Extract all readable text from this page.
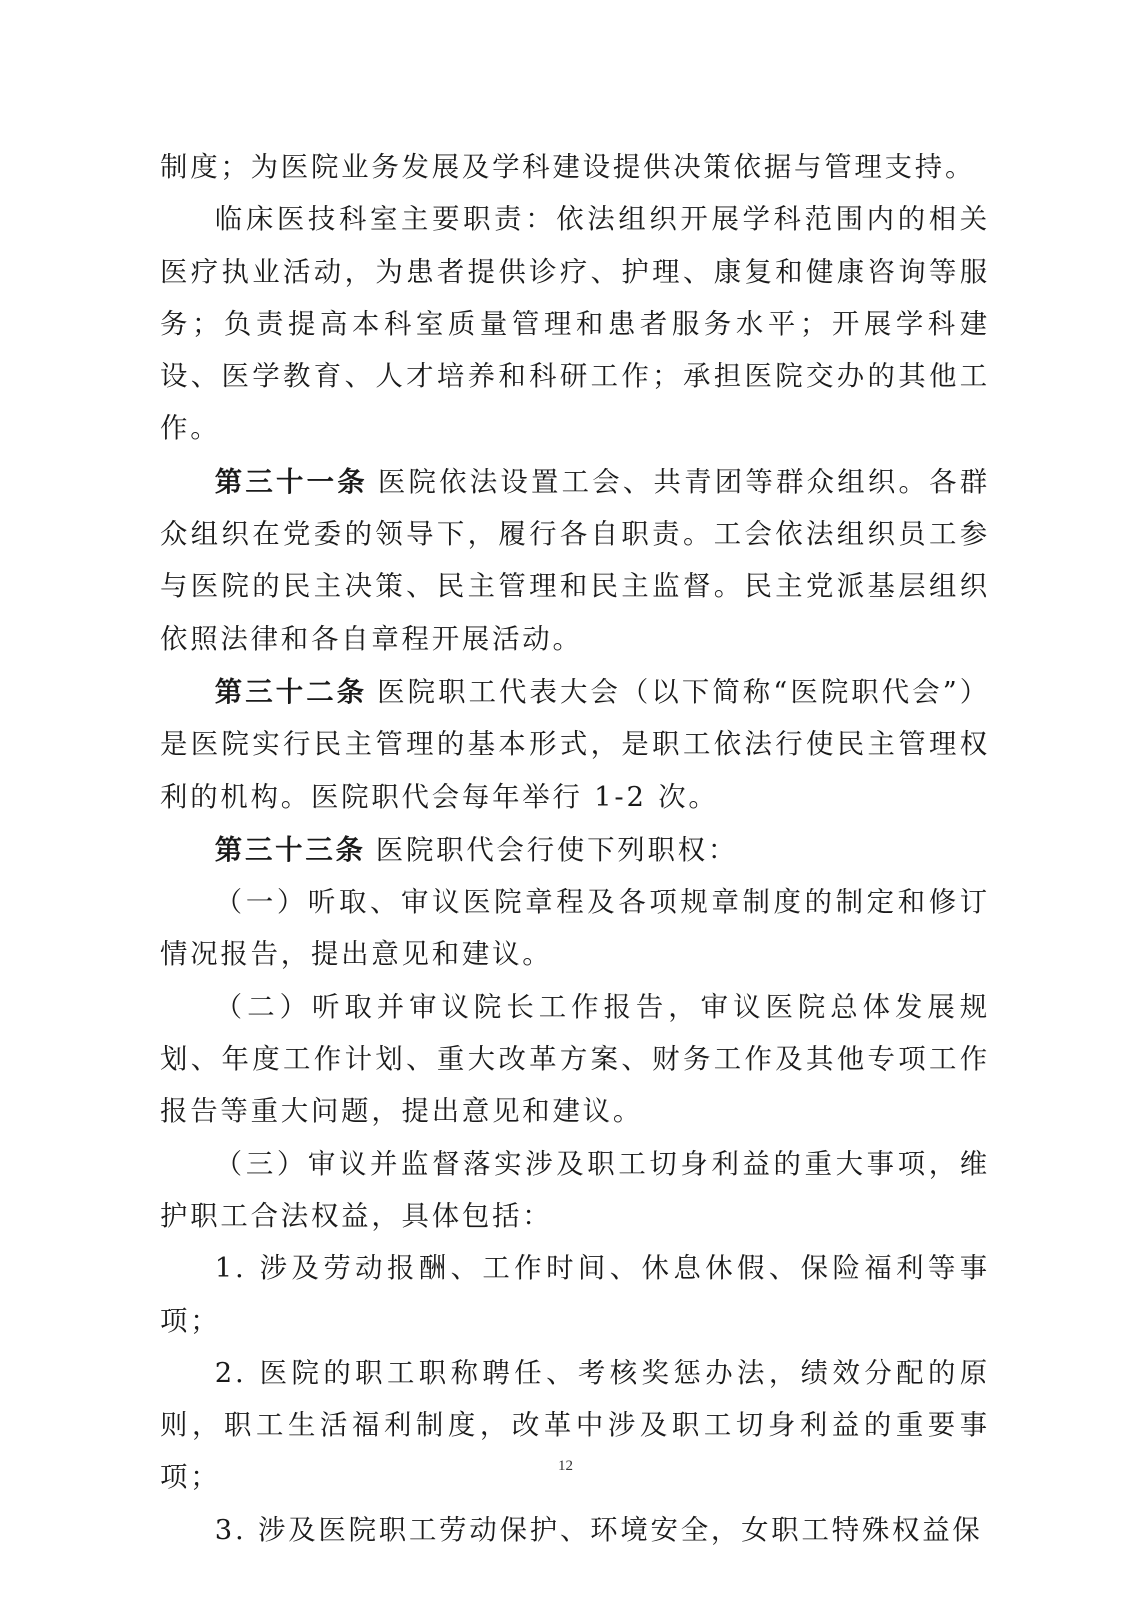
制度；为医院业务发展及学科建设提供决策依据与管理支持。

临床医技科室主要职责：依法组织开展学科范围内的相关医疗执业活动，为患者提供诊疗、护理、康复和健康咨询等服务；负责提高本科室质量管理和患者服务水平；开展学科建设、医学教育、人才培养和科研工作；承担医院交办的其他工作。

第三十一条 医院依法设置工会、共青团等群众组织。各群众组织在党委的领导下，履行各自职责。工会依法组织员工参与医院的民主决策、民主管理和民主监督。民主党派基层组织依照法律和各自章程开展活动。

第三十二条 医院职工代表大会（以下简称“医院职代会”）是医院实行民主管理的基本形式，是职工依法行使民主管理权利的机构。医院职代会每年举行 1-2 次。

第三十三条 医院职代会行使下列职权：

（一）听取、审议医院章程及各项规章制度的制定和修订情况报告，提出意见和建议。

（二）听取并审议院长工作报告，审议医院总体发展规划、年度工作计划、重大改革方案、财务工作及其他专项工作报告等重大问题，提出意见和建议。

（三）审议并监督落实涉及职工切身利益的重大事项，维护职工合法权益，具体包括：

1. 涉及劳动报酬、工作时间、休息休假、保险福利等事项；

2. 医院的职工职称聘任、考核奖惩办法，绩效分配的原则，职工生活福利制度，改革中涉及职工切身利益的重要事项；

3. 涉及医院职工劳动保护、环境安全，女职工特殊权益保

12
